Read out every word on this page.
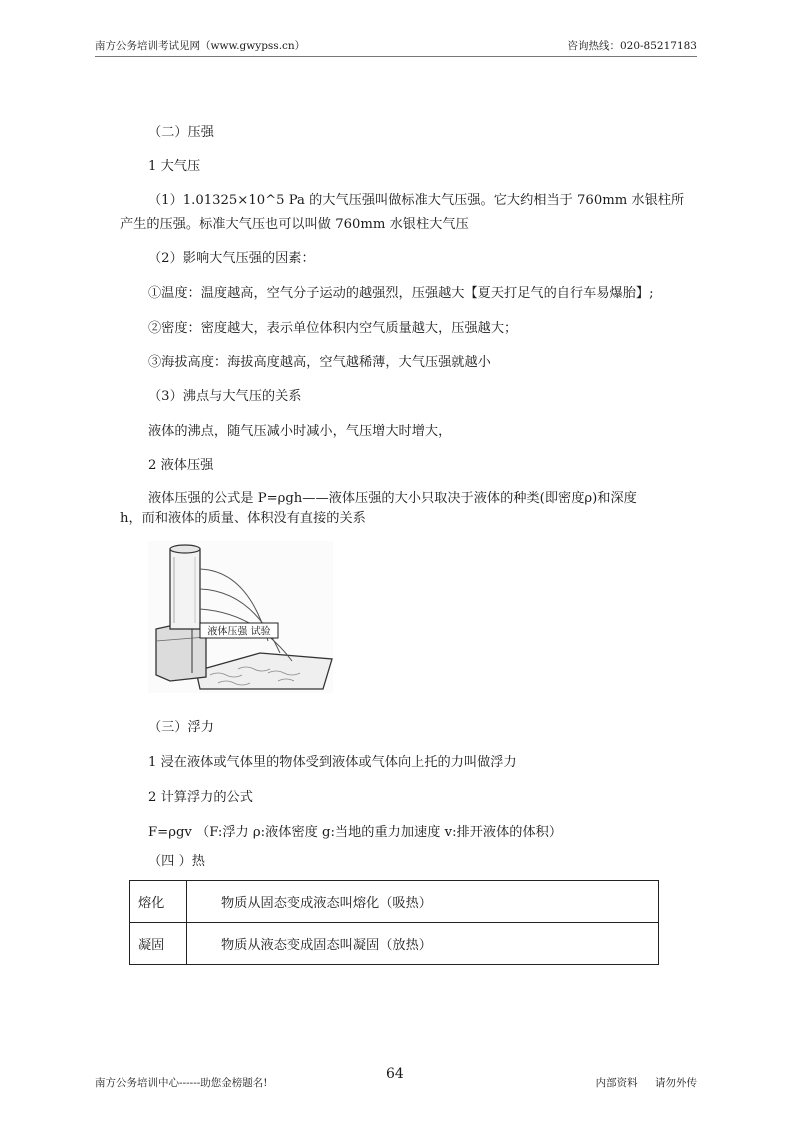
南方公务培训考试见网（www.gwypss.cn）	咨询热线：020-85217183
（二）压强
1 大气压
（1）1.01325×10^5 Pa 的大气压强叫做标准大气压强。它大约相当于 760mm 水银柱所
产生的压强。标准大气压也可以叫做 760mm 水银柱大气压
（2）影响大气压强的因素：
①温度：温度越高，空气分子运动的越强烈，压强越大【夏天打足气的自行车易爆胎】;
②密度：密度越大，表示单位体积内空气质量越大，压强越大；
③海拔高度：海拔高度越高，空气越稀薄，大气压强就越小
（3）沸点与大气压的关系
液体的沸点，随气压减小时减小，气压增大时增大，
2 液体压强
液体压强的公式是 P=ρgh——液体压强的大小只取决于液体的种类(即密度ρ)和深度
h，而和液体的质量、体积没有直接的关系
液体压强 试验
（三）浮力
1 浸在液体或气体里的物体受到液体或气体向上托的力叫做浮力
2 计算浮力的公式
F=ρgv （F:浮力 ρ:液体密度 g:当地的重力加速度 v:排开液体的体积）
（四 ）热
熔化	物质从固态变成液态叫熔化（吸热）
凝固	物质从液态变成固态叫凝固（放热）
南方公务培训中心------助您金榜题名!
64
内部资料 请勿外传
